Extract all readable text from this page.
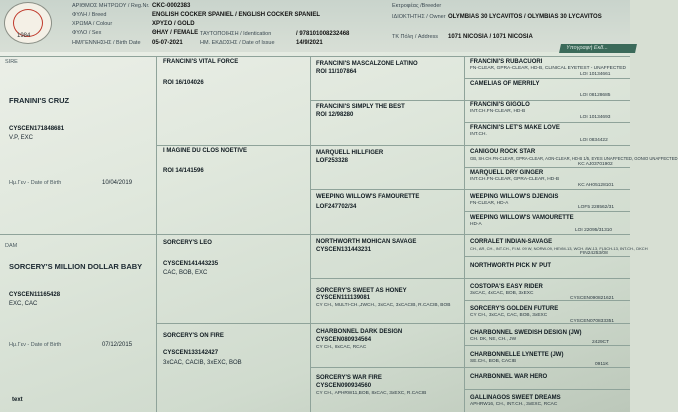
1984
ΑΡΙΘΜΟΣ ΜΗΤΡΩΟΥ / Reg.Nr. CKC-0002383
ΦΥΛΗ / Breed	ENGLISH COCKER SPANIEL / ENGLISH COCKER SPANIEL
ΧΡΩΜΑ / Colour	ΧΡΥΣΟ / GOLD
ΦΥΛΟ / Sex	ΘΗΛΥ / FEMALE
ΗΜ/ΓΕΝΝΗΣΗΣ / Birth Date 05-07-2021
ΤΑΥΤΟΠΟΙΗΣΗ / Identication	/ 978101008232468
ΗΜ. ΕΚΔΟΣΗΣ / Date of Issue	14/9/2021
Εκτροφέας /Breeder
ΙΔΙΟΚΤΗΤΗΣ / Owner OLYMBIAS 30 LYCAVITOS / OLYMBIAS 30 LYCAVITOS
ΤΚ Πόλη / Address 1071 NICOSIA / 1071 NICOSIA
Υπογραφή Εκδ...
SIRE
FRANINI'S CRUZ
CYSCEN171848681
V.P, EXC
Ημ.Γεν - Date of Birth	10/04/2019
DAM
SORCERY'S MILLION DOLLAR BABY
CYSCEN11165428
EXC, CAC
Ημ.Γεν - Date of Birth	07/12/2015
text
FRANCINI'S VITAL FORCE
ROI 16/104026
I MAGINE DU CLOS NOETIVE
ROI 14/141596
SORCERY'S LEO
CYSCEN141443235
CAC, BOB, EXC
SORCERY'S ON FIRE
CYSCEN133142427
3xCAC, CACIB, 3xEXC, BOB
FRANCINI'S MASCALZONE LATINO
ROI 11/107864
FRANCINI'S SIMPLY THE BEST
ROI 12/98280
MARQUELL HILLFIGER
LOF253328
WEEPING WILLOW'S FAMOURETTE
LOF247702/34
NORTHWORTH MOHICAN SAVAGE
CYSCEN131443231
SORCERY'S SWEET AS HONEY
CYSCEN111139081
CY CH., MULTI-CH.,JWCH., 3xCAC, 3xCACIB, R.CACIB, BOB
CHARBONNEL DARK DESIGN
CYSCEN080934564
CY CH., 8xCAC, RCAC
SORCERY'S WAR FIRE
CYSCEN090934560
CY CH., APHRW11,BOB, 8xCAC, 3xEXC, R.CACIB
FRANCINI'S RUBACUORI
FN-CLEAR, GPRA-CLEAR, HD-B, CLINICAL EYETEST - UNAFFECTED
LOI 10134661
CAMELIAS OF MERRILY
LOI 08128685
FRANCINI'S GIGOLO
INT.CH.FN-CLEAR, HD-B
LOI 10134693
FRANCINI'S LET'S MAKE LOVE
INT.CH.
LOI 0834422
CANIGOU ROCK STAR
GB, SH.CH.FN-CLEAR, GPRA-CLEAR, AON-CLEAR, HD-B 1/5, EYES UNAFFECTED, GONIO UNAFFECTED
KC AJ03701902
MARQUELL DRY GINGER
INT.CH.FN-CLEAR, GPRA-CLEAR, HD-B
KC AH05128101
WEEPING WILLOW'S DJENGIS
FN-CLEAR, HD-A
LOF5 228562/31
WEEPING WILLOW'S VAMOURETTE
HD-A
LOI 22095/31310
CORRALET INDIAN-SAVAGE
CH., AR, CH., INT.CH., FI.M. 09 W, NORW-09, HEVM-13, WCH. 8W-13, FL5CH-13, INT.CH., DKCH
FIN24253/08
NORTHWORTH PICK N' PUT
COSTOPA'S EASY RIDER
3xCAC, 4xCAC, BOB, 3xEXC
CYSCEN090821621
SORCERY'S GOLDEN FUTURE
CY CH., 3xCAC, CAC, BOB, 3xEXC
CYSCEN070833351
CHARBONNEL SWEDISH DESIGN (JW)
CH. DK, NE, CH., JW
2429CT
CHARBONNELLE LYNETTE (JW)
SE.CH., BOB, CACIB
0911K
CHARBONNEL WAR HERO
GALLINAGOS SWEET DREAMS
APHRW16, CH., INT.CH., 3xEXC, RCAC
